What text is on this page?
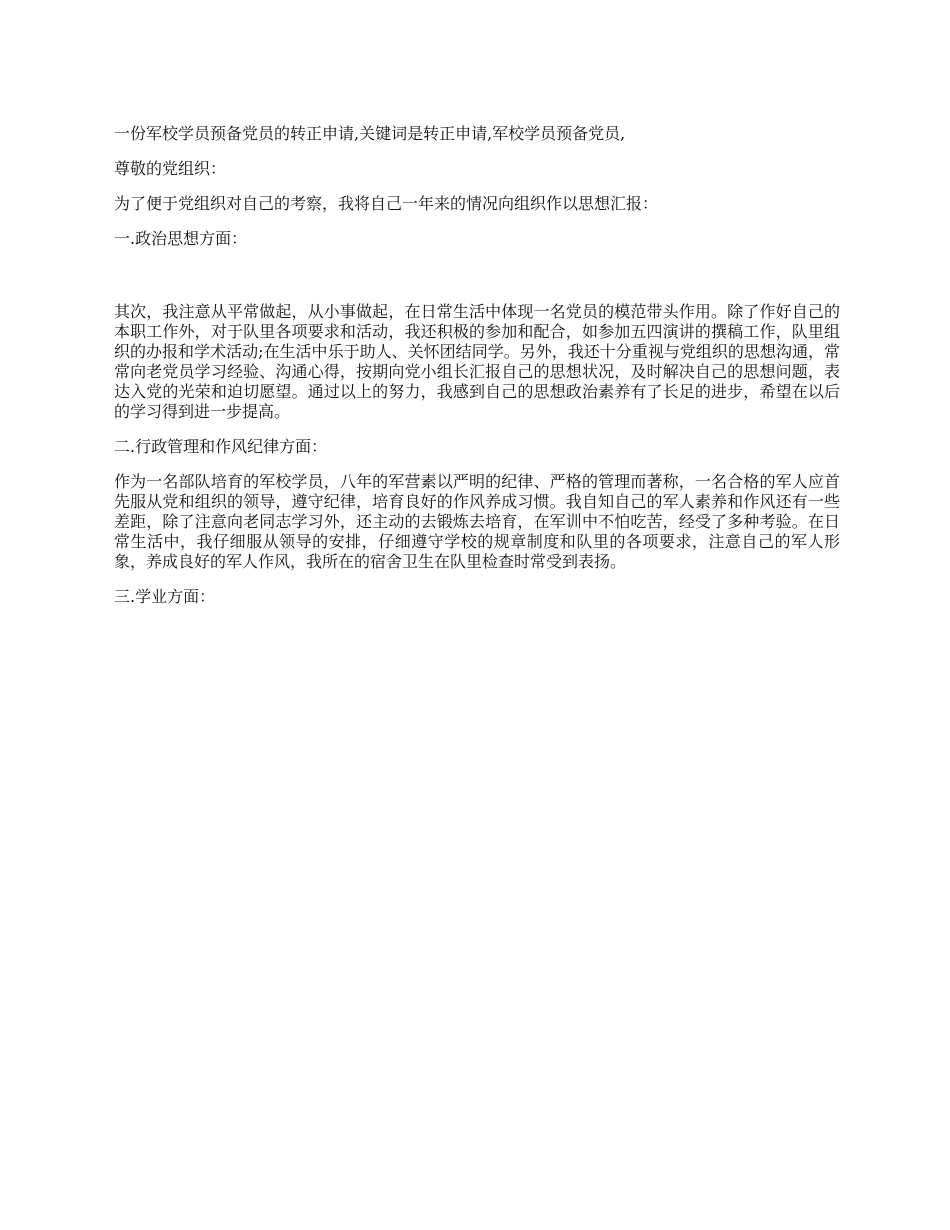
一份军校学员预备党员的转正申请,关键词是转正申请,军校学员预备党员,

尊敬的党组织：

为了便于党组织对自己的考察，我将自己一年来的情况向组织作以思想汇报：

一.政治思想方面：

其次，我注意从平常做起，从小事做起，在日常生活中体现一名党员的模范带头作用。除了作好自己的本职工作外，对于队里各项要求和活动，我还积极的参加和配合，如参加五四演讲的撰稿工作，队里组织的办报和学术活动;在生活中乐于助人、关怀团结同学。另外，我还十分重视与党组织的思想沟通，常常向老党员学习经验、沟通心得，按期向党小组长汇报自己的思想状况，及时解决自己的思想问题，表达入党的光荣和迫切愿望。通过以上的努力，我感到自己的思想政治素养有了长足的进步，希望在以后的学习得到进一步提高。

二.行政管理和作风纪律方面：

作为一名部队培育的军校学员，八年的军营素以严明的纪律、严格的管理而著称，一名合格的军人应首先服从党和组织的领导，遵守纪律，培育良好的作风养成习惯。我自知自己的军人素养和作风还有一些差距，除了注意向老同志学习外，还主动的去锻炼去培育，在军训中不怕吃苦，经受了多种考验。在日常生活中，我仔细服从领导的安排，仔细遵守学校的规章制度和队里的各项要求，注意自己的军人形象，养成良好的军人作风，我所在的宿舍卫生在队里检查时常受到表扬。

三.学业方面：
